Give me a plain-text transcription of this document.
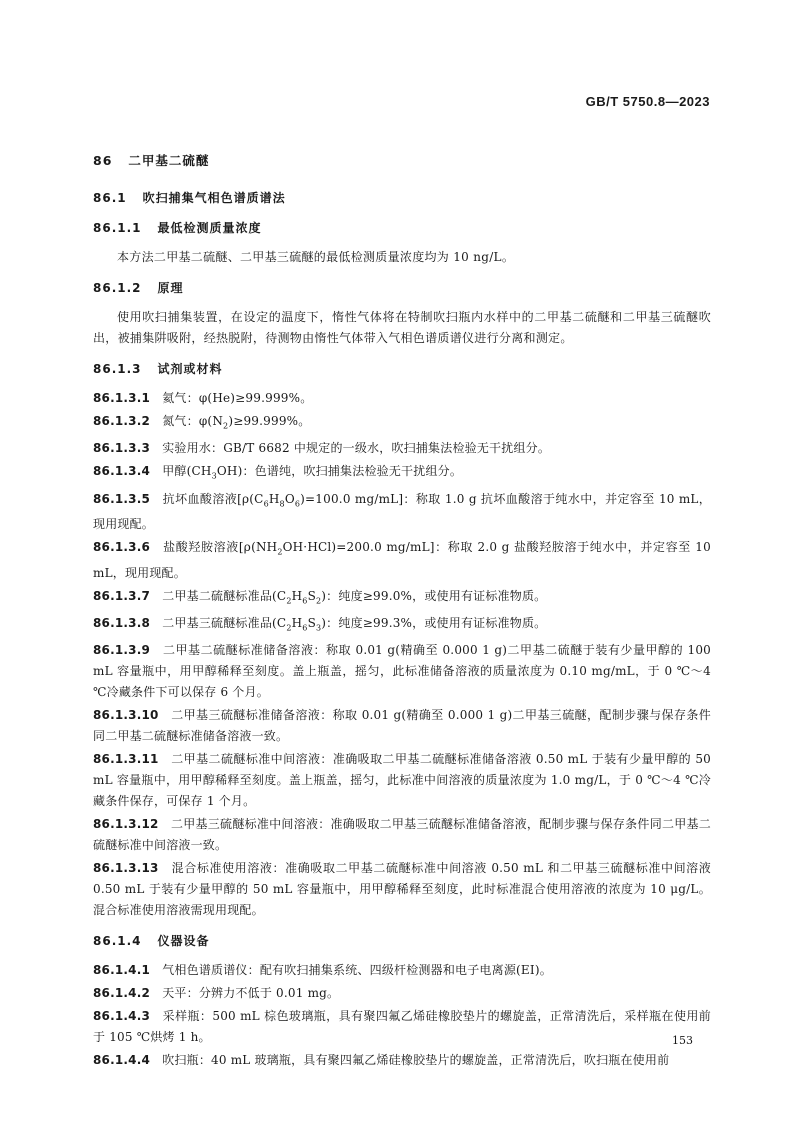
GB/T 5750.8—2023
86 二甲基二硫醚
86.1 吹扫捕集气相色谱质谱法
86.1.1 最低检测质量浓度

本方法二甲基二硫醚、二甲基三硫醚的最低检测质量浓度均为 10 ng/L。

86.1.2 原理

使用吹扫捕集装置，在设定的温度下，惰性气体将在特制吹扫瓶内水样中的二甲基二硫醚和二甲基三硫醚吹出，被捕集阱吸附，经热脱附，待测物由惰性气体带入气相色谱质谱仪进行分离和测定。

86.1.3 试剂或材料

86.1.3.1　 氦气：φ(He)≥99.999%。

86.1.3.2　 氮气：$\varphi(N_2)\ge 99.999\%$。

86.1.3.3　 实验用水：GB/T 6682 中规定的一级水，吹扫捕集法检验无干扰组分。

86.1.3.4　 甲醇$(CH_3OH)$：色谱纯，吹扫捕集法检验无干扰组分。

86.1.3.5　 抗坏血酸溶液[$\rho(C_6H_8O_6)=100.0$ mg/mL]：称取 1.0 g 抗坏血酸溶于纯水中，并定容至 10 mL，现用现配。

86.1.3.6　 盐酸羟胺溶液[$\rho(NH_2OH\cdot HCl)=200.0$ mg/mL]：称取 2.0 g 盐酸羟胺溶于纯水中，并定容至 10 mL，现用现配。

86.1.3.7　 二甲基二硫醚标准品$(C_2H_6S_2)$：纯度≥99.0%，或使用有证标准物质。

86.1.3.8　 二甲基三硫醚标准品$(C_2H_6S_3)$：纯度≥99.3%，或使用有证标准物质。

86.1.3.9　 二甲基二硫醚标准储备溶液：称取 0.01 g(精确至 0.000 1 g)二甲基二硫醚于装有少量甲醇的 100 mL 容量瓶中，用甲醇稀释至刻度。盖上瓶盖，摇匀，此标准储备溶液的质量浓度为 0.10 mg/mL，于 0 ℃～4 ℃冷藏条件下可以保存 6 个月。

86.1.3.10　 二甲基三硫醚标准储备溶液：称取 0.01 g(精确至 0.000 1 g)二甲基三硫醚，配制步骤与保存条件同二甲基二硫醚标准储备溶液一致。

86.1.3.11　 二甲基二硫醚标准中间溶液：准确吸取二甲基二硫醚标准储备溶液 0.50 mL 于装有少量甲醇的 50 mL 容量瓶中，用甲醇稀释至刻度。盖上瓶盖，摇匀，此标准中间溶液的质量浓度为 1.0 mg/L，于 0 ℃～4 ℃冷藏条件保存，可保存 1 个月。

86.1.3.12　 二甲基三硫醚标准中间溶液：准确吸取二甲基三硫醚标准储备溶液，配制步骤与保存条件同二甲基二硫醚标准中间溶液一致。

86.1.3.13　 混合标准使用溶液：准确吸取二甲基二硫醚标准中间溶液 0.50 mL 和二甲基三硫醚标准中间溶液 0.50 mL 于装有少量甲醇的 50 mL 容量瓶中，用甲醇稀释至刻度，此时标准混合使用溶液的浓度为 10 μg/L。混合标准使用溶液需现用现配。

86.1.4 仪器设备

86.1.4.1　 气相色谱质谱仪：配有吹扫捕集系统、四级杆检测器和电子电离源(EI)。

86.1.4.2　 天平：分辨力不低于 0.01 mg。

86.1.4.3　 采样瓶：500 mL 棕色玻璃瓶，具有聚四氟乙烯硅橡胶垫片的螺旋盖，正常清洗后，采样瓶在使用前于 105 ℃烘烤 1 h。

86.1.4.4　 吹扫瓶：40 mL 玻璃瓶，具有聚四氟乙烯硅橡胶垫片的螺旋盖，正常清洗后，吹扫瓶在使用前

153
